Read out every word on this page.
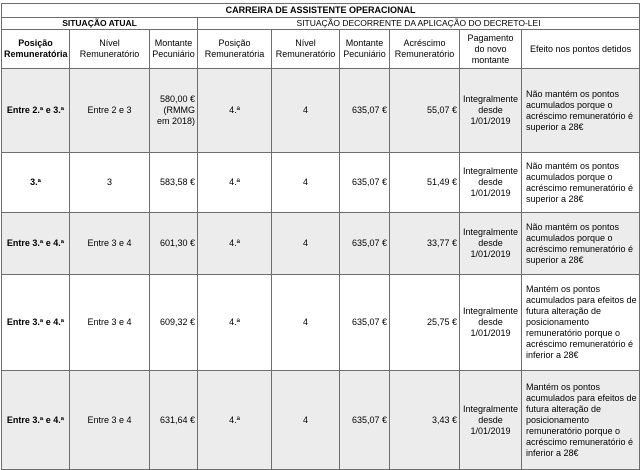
CARREIRA DE ASSISTENTE OPERACIONAL								
SITUAÇÃO ATUAL			SITUAÇÃO DECORRENTE DA APLICAÇÃO DO DECRETO-LEI					
Posição Remuneratória	Nível Remuneratório	Montante Pecuniário	Posição Remuneratória	Nível Remuneratório	Montante Pecuniário	Acréscimo Remuneratório	Pagamento do novo montante	Efeito nos pontos detidos
Entre 2.ª e 3.ª	Entre 2 e 3	580,00 € (RMMG em 2018)	4.ª	4	635,07 €	55,07 €	Integralmente desde 1/01/2019	Não mantém os pontos acumulados porque o acréscimo remuneratório é superior a 28€
3.ª	3	583,58 €	4.ª	4	635,07 €	51,49 €	Integralmente desde 1/01/2019	Não mantém os pontos acumulados porque o acréscimo remuneratório é superior a 28€
Entre 3.ª e 4.ª	Entre 3 e 4	601,30 €	4.ª	4	635,07 €	33,77 €	Integralmente desde 1/01/2019	Não mantém os pontos acumulados porque o acréscimo remuneratório é superior a 28€
Entre 3.ª e 4.ª	Entre 3 e 4	609,32 €	4.ª	4	635,07 €	25,75 €	Integralmente desde 1/01/2019	Mantém os pontos acumulados para efeitos de futura alteração de posicionamento remuneratório porque o acréscimo remuneratório é inferior a 28€
Entre 3.ª e 4.ª	Entre 3 e 4	631,64 €	4.ª	4	635,07 €	3,43 €	Integralmente desde 1/01/2019	Mantém os pontos acumulados para efeitos de futura alteração de posicionamento remuneratório porque o acréscimo remuneratório é inferior a 28€
